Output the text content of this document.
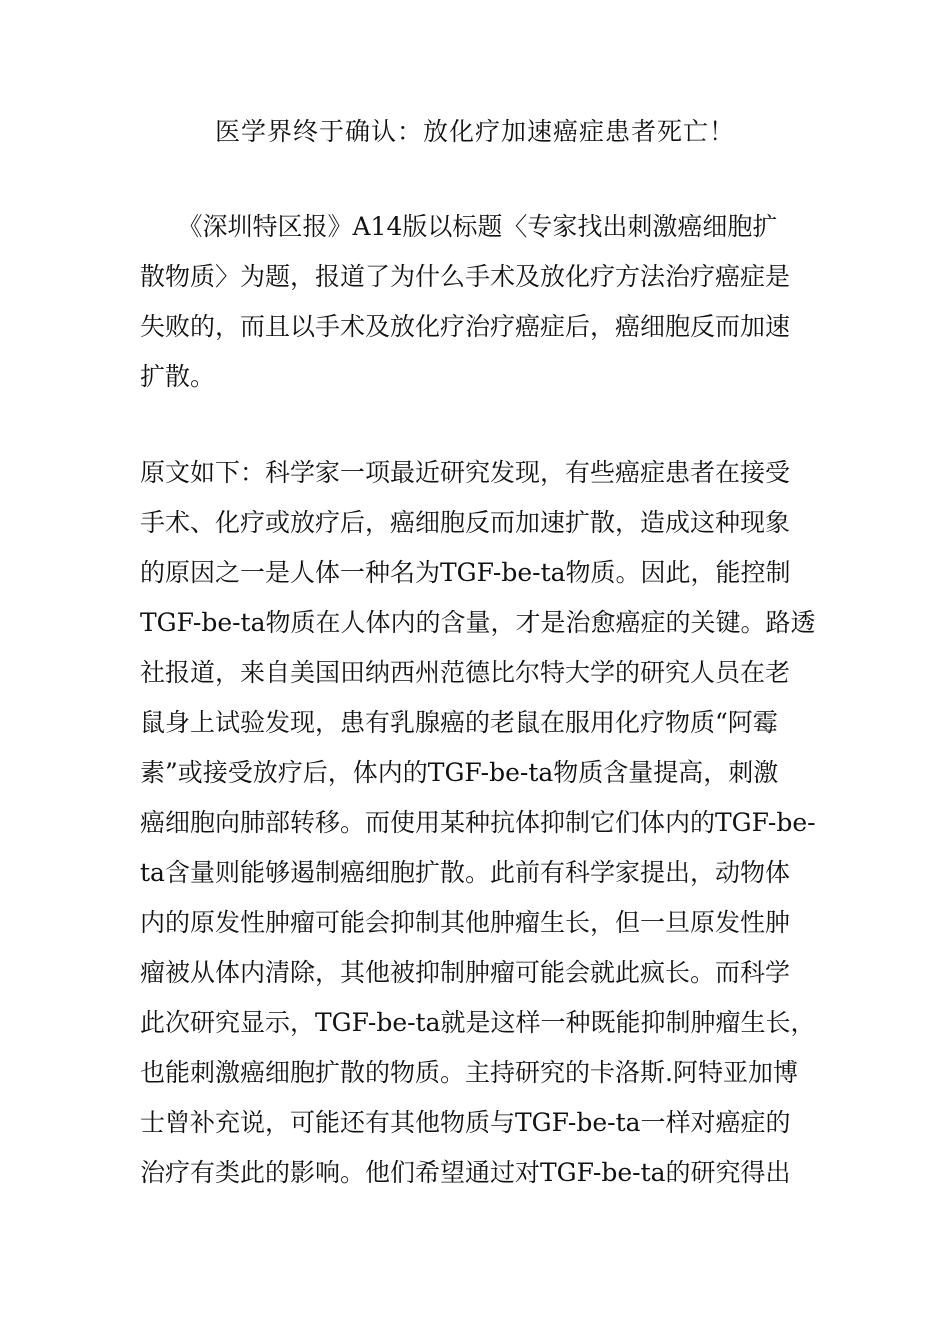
医学界终于确认：放化疗加速癌症患者死亡！
　　《深圳特区报》A14版以标题〈专家找出刺激癌细胞扩
散物质〉为题，报道了为什么手术及放化疗方法治疗癌症是
失败的，而且以手术及放化疗治疗癌症后，癌细胞反而加速
扩散。
原文如下：科学家一项最近研究发现，有些癌症患者在接受
手术、化疗或放疗后，癌细胞反而加速扩散，造成这种现象
的原因之一是人体一种名为TGF-be-ta物质。因此，能控制
TGF-be-ta物质在人体内的含量，才是治愈癌症的关键。路透
社报道，来自美国田纳西州范德比尔特大学的研究人员在老
鼠身上试验发现，患有乳腺癌的老鼠在服用化疗物质“阿霉
素”或接受放疗后，体内的TGF-be-ta物质含量提高，刺激
癌细胞向肺部转移。而使用某种抗体抑制它们体内的TGF-be-
ta含量则能够遏制癌细胞扩散。此前有科学家提出，动物体
内的原发性肿瘤可能会抑制其他肿瘤生长，但一旦原发性肿
瘤被从体内清除，其他被抑制肿瘤可能会就此疯长。而科学
此次研究显示，TGF-be-ta就是这样一种既能抑制肿瘤生长，
也能刺激癌细胞扩散的物质。主持研究的卡洛斯.阿特亚加博
士曾补充说，可能还有其他物质与TGF-be-ta一样对癌症的
治疗有类此的影响。他们希望通过对TGF-be-ta的研究得出
